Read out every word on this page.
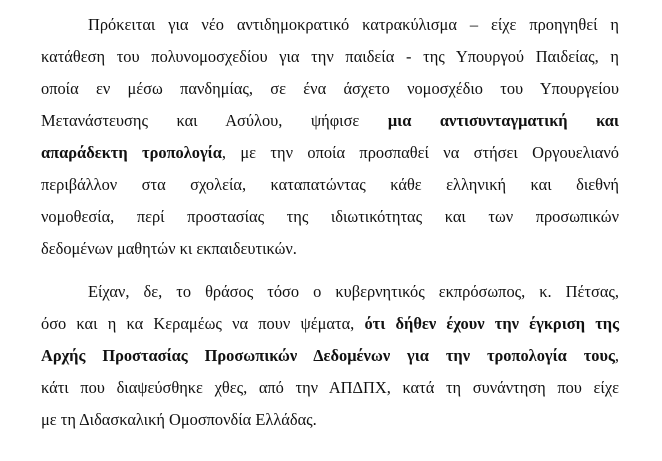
Πρόκειται για νέο αντιδημοκρατικό κατρακύλισμα – είχε προηγηθεί η
κατάθεση του πολυνομοσχεδίου για την παιδεία - της Υπουργού Παιδείας, η
οποία εν μέσω πανδημίας, σε ένα άσχετο νομοσχέδιο του Υπουργείου
Μετανάστευσης και Ασύλου, ψήφισε μια αντισυνταγματική και
απαράδεκτη τροπολογία, με την οποία προσπαθεί να στήσει Οργουελιανό
περιβάλλον στα σχολεία, καταπατώντας κάθε ελληνική και διεθνή
νομοθεσία, περί προστασίας της ιδιωτικότητας και των προσωπικών
δεδομένων μαθητών κι εκπαιδευτικών.
Είχαν, δε, το θράσος τόσο ο κυβερνητικός εκπρόσωπος, κ. Πέτσας,
όσο και η κα Κεραμέως να πουν ψέματα, ότι δήθεν έχουν την έγκριση της
Αρχής Προστασίας Προσωπικών Δεδομένων για την τροπολογία τους,
κάτι που διαψεύσθηκε χθες, από την ΑΠΔΠΧ, κατά τη συνάντηση που είχε
με τη Διδασκαλική Ομοσπονδία Ελλάδας.
